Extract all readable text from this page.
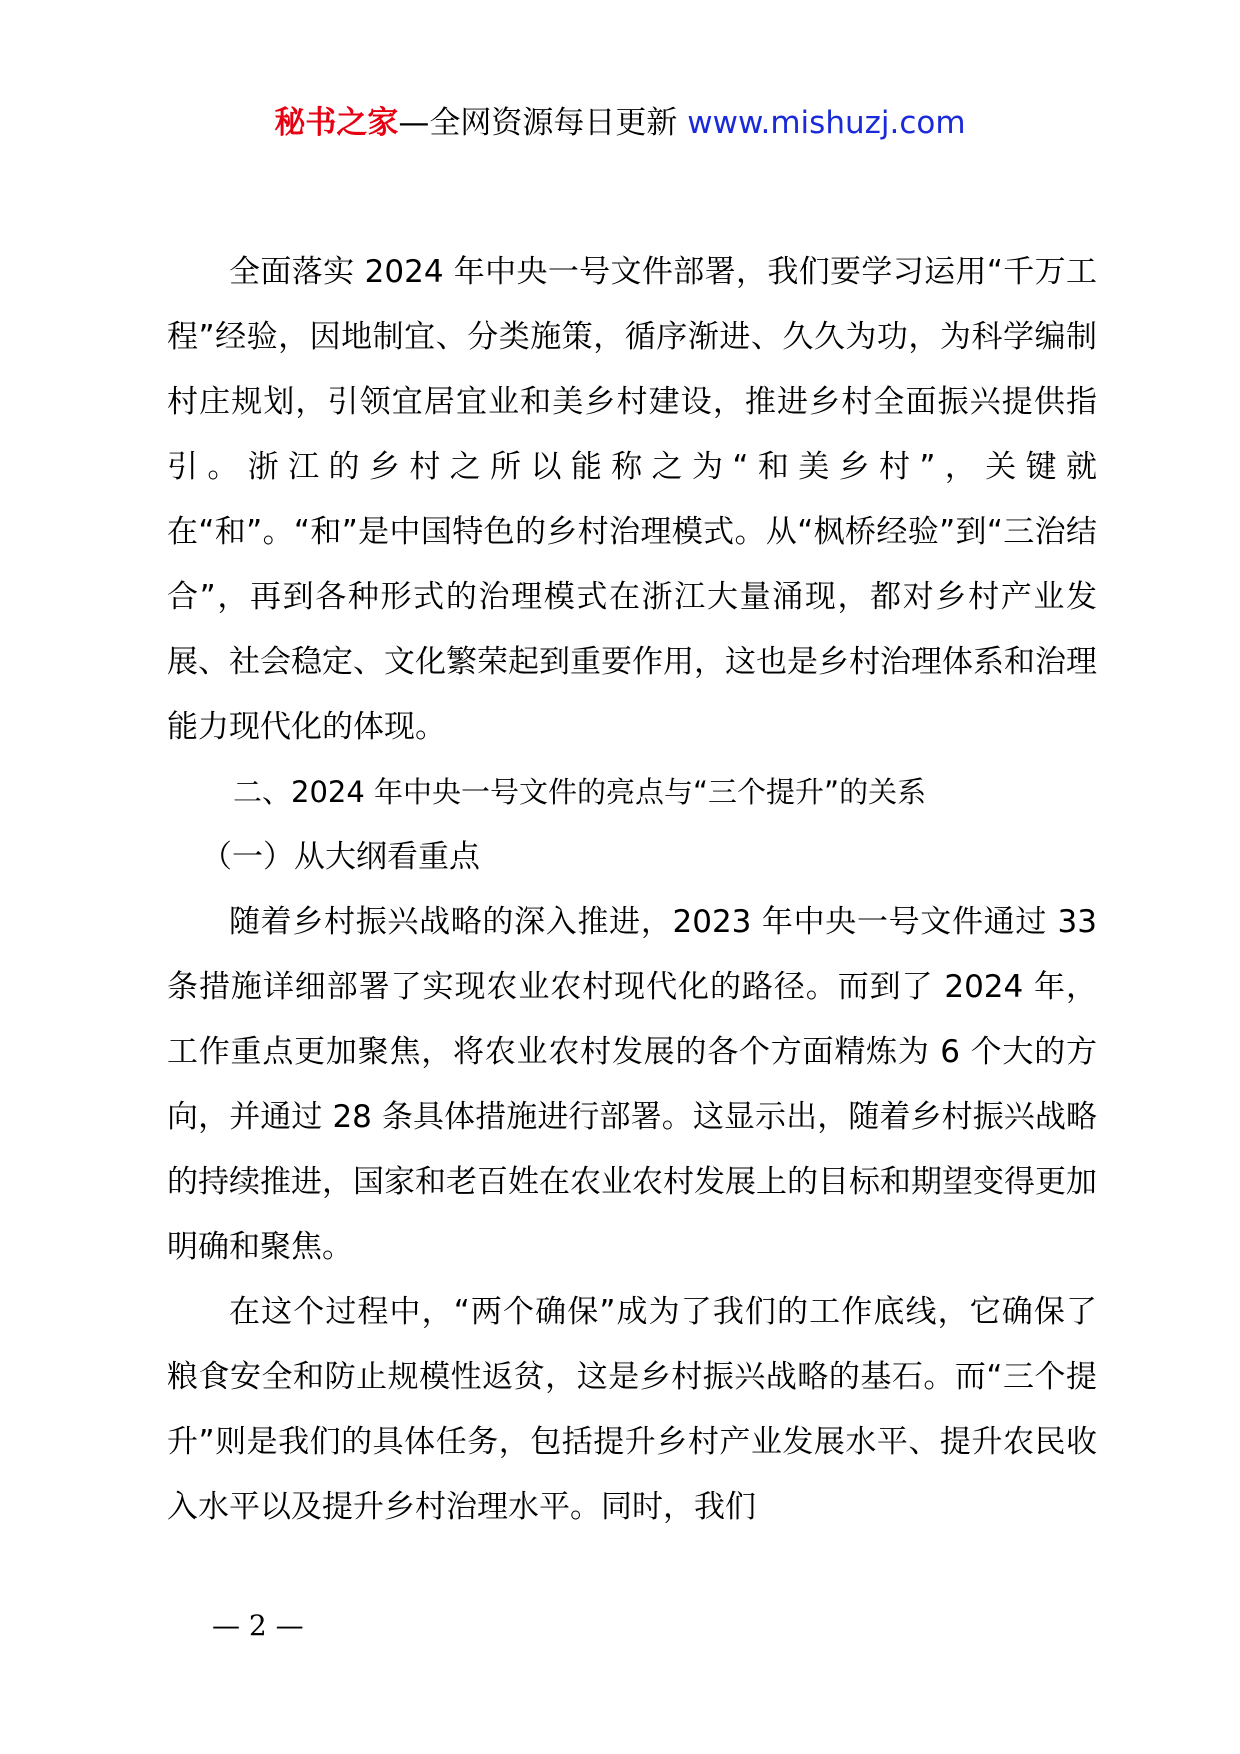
秘书之家—全网资源每日更新 www.mishuzj.com

全面落实 2024 年中央一号文件部署，我们要学习运用“千万工程”经验，因地制宜、分类施策，循序渐进、久久为功，为科学编制村庄规划，引领宜居宜业和美乡村建设，推进乡村全面振兴提供指引。浙江的乡村之所以能称之为“和美乡村”，关键就在“和”。“和”是中国特色的乡村治理模式。从“枫桥经验”到“三治结合”，再到各种形式的治理模式在浙江大量涌现，都对乡村产业发展、社会稳定、文化繁荣起到重要作用，这也是乡村治理体系和治理能力现代化的体现。

二、2024 年中央一号文件的亮点与“三个提升”的关系

（一）从大纲看重点

随着乡村振兴战略的深入推进，2023 年中央一号文件通过 33 条措施详细部署了实现农业农村现代化的路径。而到了 2024 年，工作重点更加聚焦，将农业农村发展的各个方面精炼为 6 个大的方向，并通过 28 条具体措施进行部署。这显示出，随着乡村振兴战略的持续推进，国家和老百姓在农业农村发展上的目标和期望变得更加明确和聚焦。

在这个过程中，“两个确保”成为了我们的工作底线，它确保了粮食安全和防止规模性返贫，这是乡村振兴战略的基石。而“三个提升”则是我们的具体任务，包括提升乡村产业发展水平、提升农民收入水平以及提升乡村治理水平。同时，我们

— 2 —
